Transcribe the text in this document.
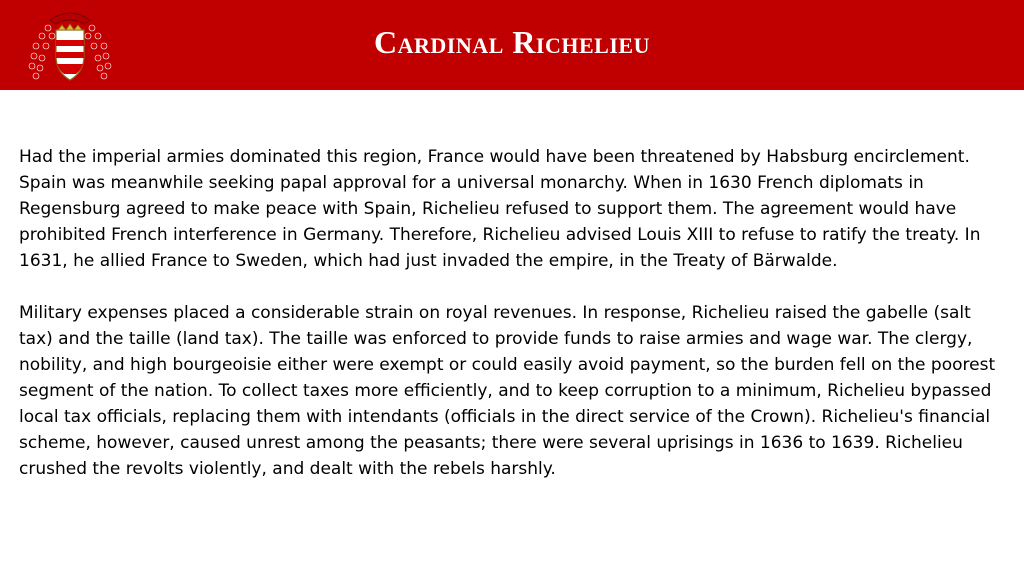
Cardinal Richelieu

Had the imperial armies dominated this region, France would have been threatened by Habsburg encirclement. Spain was meanwhile seeking papal approval for a universal monarchy. When in 1630 French diplomats in Regensburg agreed to make peace with Spain, Richelieu refused to support them. The agreement would have prohibited French interference in Germany. Therefore, Richelieu advised Louis XIII to refuse to ratify the treaty. In 1631, he allied France to Sweden, which had just invaded the empire, in the Treaty of Bärwalde.

Military expenses placed a considerable strain on royal revenues. In response, Richelieu raised the gabelle (salt tax) and the taille (land tax). The taille was enforced to provide funds to raise armies and wage war. The clergy, nobility, and high bourgeoisie either were exempt or could easily avoid payment, so the burden fell on the poorest segment of the nation. To collect taxes more efficiently, and to keep corruption to a minimum, Richelieu bypassed local tax officials, replacing them with intendants (officials in the direct service of the Crown). Richelieu's financial scheme, however, caused unrest among the peasants; there were several uprisings in 1636 to 1639. Richelieu crushed the revolts violently, and dealt with the rebels harshly.
